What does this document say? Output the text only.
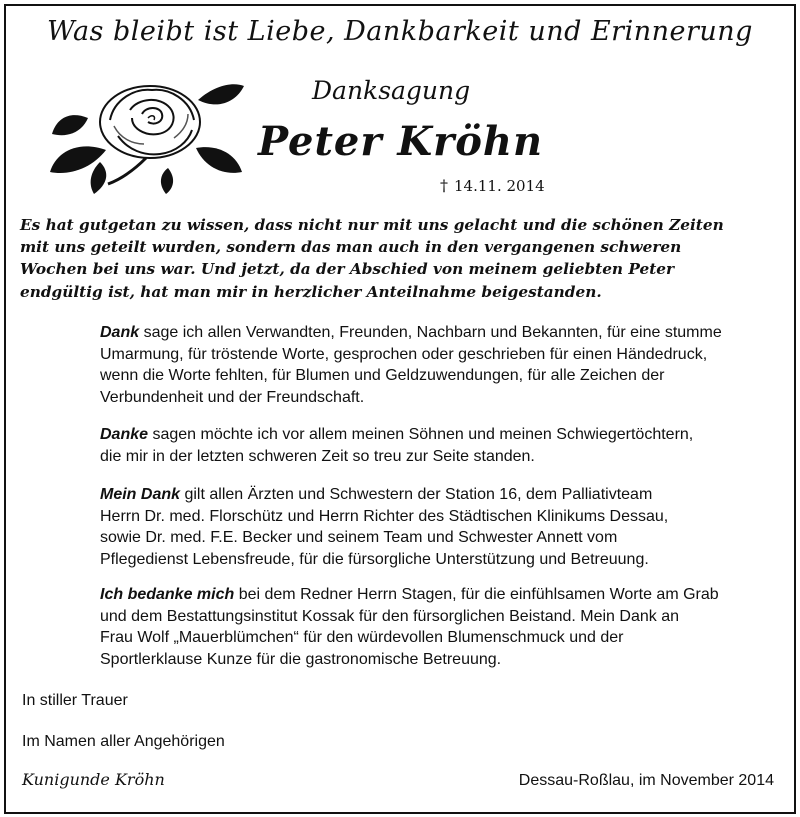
Was bleibt ist Liebe, Dankbarkeit und Erinnerung
Danksagung
Peter Kröhn
† 14.11. 2014
Es hat gutgetan zu wissen, dass nicht nur mit uns gelacht und die schönen Zeiten
mit uns geteilt wurden, sondern das man auch in den vergangenen schweren
Wochen bei uns war. Und jetzt, da der Abschied von meinem geliebten Peter
endgültig ist, hat man mir in herzlicher Anteilnahme beigestanden.
Dank sage ich allen Verwandten, Freunden, Nachbarn und Bekannten, für eine stumme
Umarmung, für tröstende Worte, gesprochen oder geschrieben für einen Händedruck,
wenn die Worte fehlten, für Blumen und Geldzuwendungen, für alle Zeichen der
Verbundenheit und der Freundschaft.
Danke sagen möchte ich vor allem meinen Söhnen und meinen Schwiegertöchtern,
die mir in der letzten schweren Zeit so treu zur Seite standen.
Mein Dank gilt allen Ärzten und Schwestern der Station 16, dem Palliativteam
Herrn Dr. med. Florschütz und Herrn Richter des Städtischen Klinikums Dessau,
sowie Dr. med. F.E. Becker und seinem Team und Schwester Annett vom
Pflegedienst Lebensfreude, für die fürsorgliche Unterstützung und Betreuung.
Ich bedanke mich bei dem Redner Herrn Stagen, für die einfühlsamen Worte am Grab
und dem Bestattungsinstitut Kossak für den fürsorglichen Beistand. Mein Dank an
Frau Wolf „Mauerblümchen“ für den würdevollen Blumenschmuck und der
Sportlerklause Kunze für die gastronomische Betreuung.
In stiller Trauer
Im Namen aller Angehörigen
Kunigunde Kröhn	Dessau-Roßlau, im November 2014
